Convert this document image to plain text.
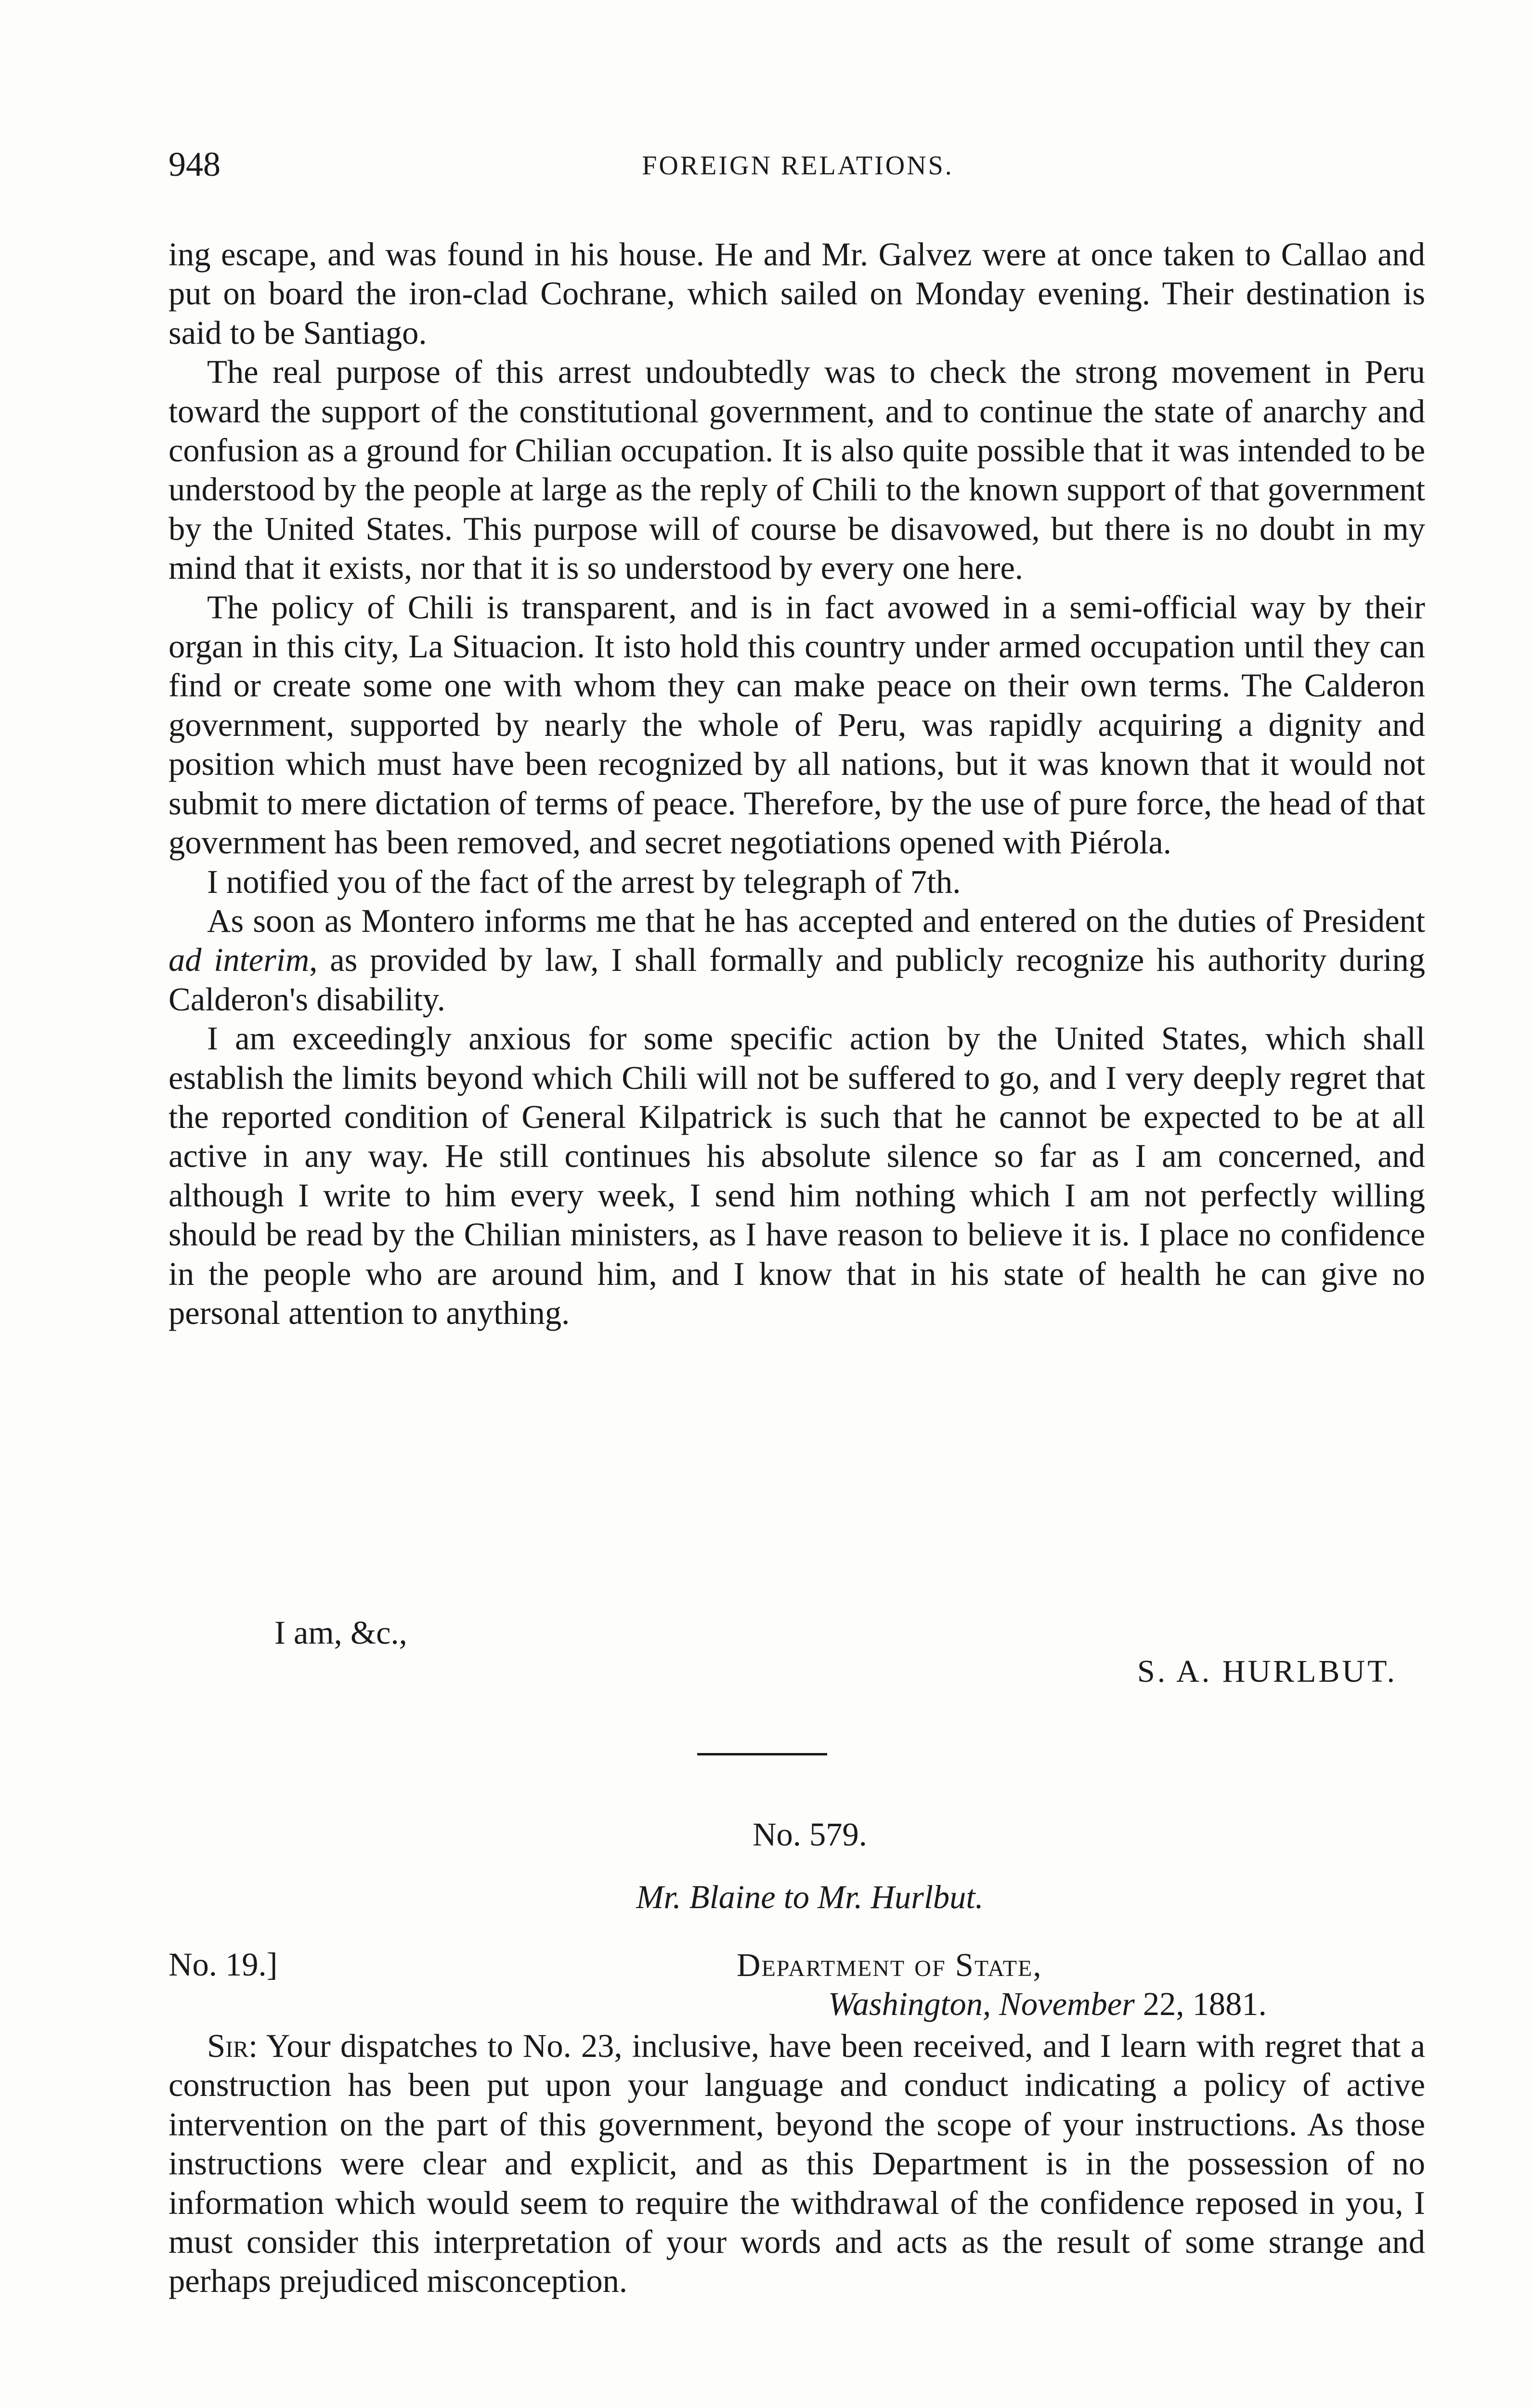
948	FOREIGN RELATIONS.

ing escape, and was found in his house. He and Mr. Galvez were at once taken to Callao and put on board the iron-clad Cochrane, which sailed on Monday evening. Their destination is said to be Santiago.

The real purpose of this arrest undoubtedly was to check the strong movement in Peru toward the support of the constitutional government, and to continue the state of anarchy and confusion as a ground for Chilian occupation. It is also quite possible that it was intended to be understood by the people at large as the reply of Chili to the known support of that government by the United States. This purpose will of course be disavowed, but there is no doubt in my mind that it exists, nor that it is so understood by every one here.

The policy of Chili is transparent, and is in fact avowed in a semi-official way by their organ in this city, La Situacion. It isto hold this country under armed occupation until they can find or create some one with whom they can make peace on their own terms. The Calderon government, supported by nearly the whole of Peru, was rapidly acquiring a dignity and position which must have been recognized by all nations, but it was known that it would not submit to mere dictation of terms of peace. Therefore, by the use of pure force, the head of that government has been removed, and secret negotiations opened with Piérola.

I notified you of the fact of the arrest by telegraph of 7th.

As soon as Montero informs me that he has accepted and entered on the duties of President ad interim, as provided by law, I shall formally and publicly recognize his authority during Calderon's disability.

I am exceedingly anxious for some specific action by the United States, which shall establish the limits beyond which Chili will not be suffered to go, and I very deeply regret that the reported condition of General Kilpatrick is such that he cannot be expected to be at all active in any way. He still continues his absolute silence so far as I am concerned, and although I write to him every week, I send him nothing which I am not perfectly willing should be read by the Chilian ministers, as I have reason to believe it is. I place no confidence in the people who are around him, and I know that in his state of health he can give no personal attention to anything.

I am, &c.,
S. A. HURLBUT.
No. 579.
Mr. Blaine to Mr. Hurlbut.
No. 19.]	Department of State,
Washington, November 22, 1881.

Sir: Your dispatches to No. 23, inclusive, have been received, and I learn with regret that a construction has been put upon your language and conduct indicating a policy of active intervention on the part of this government, beyond the scope of your instructions. As those instructions were clear and explicit, and as this Department is in the possession of no information which would seem to require the withdrawal of the confidence reposed in you, I must consider this interpretation of your words and acts as the result of some strange and perhaps prejudiced misconception.
